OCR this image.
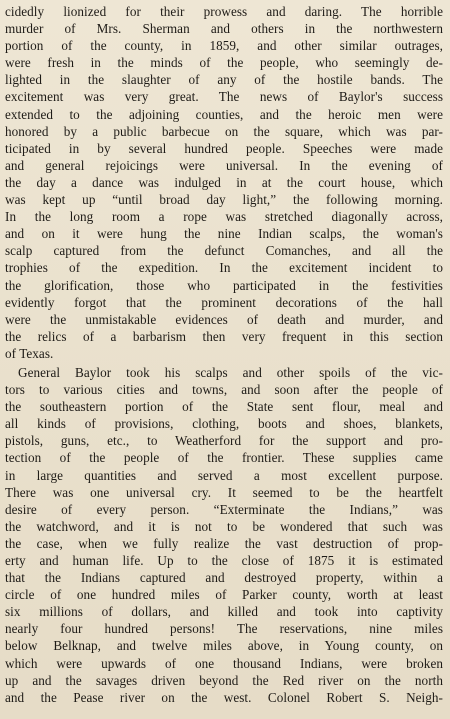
cidedly lionized for their prowess and daring. The horrible
murder of Mrs. Sherman and others in the northwestern
portion of the county, in 1859, and other similar outrages,
were fresh in the minds of the people, who seemingly de-
lighted in the slaughter of any of the hostile bands. The
excitement was very great. The news of Baylor's success
extended to the adjoining counties, and the heroic men were
honored by a public barbecue on the square, which was par-
ticipated in by several hundred people. Speeches were made
and general rejoicings were universal. In the evening of
the day a dance was indulged in at the court house, which
was kept up “until broad day light,” the following morning.
In the long room a rope was stretched diagonally across,
and on it were hung the nine Indian scalps, the woman's
scalp captured from the defunct Comanches, and all the
trophies of the expedition. In the excitement incident to
the glorification, those who participated in the festivities
evidently forgot that the prominent decorations of the hall
were the unmistakable evidences of death and murder, and
the relics of a barbarism then very frequent in this section
of Texas.
General Baylor took his scalps and other spoils of the vic-
tors to various cities and towns, and soon after the people of
the southeastern portion of the State sent flour, meal and
all kinds of provisions, clothing, boots and shoes, blankets,
pistols, guns, etc., to Weatherford for the support and pro-
tection of the people of the frontier. These supplies came
in large quantities and served a most excellent purpose.
There was one universal cry. It seemed to be the heartfelt
desire of every person. “Exterminate the Indians,” was
the watchword, and it is not to be wondered that such was
the case, when we fully realize the vast destruction of prop-
erty and human life. Up to the close of 1875 it is estimated
that the Indians captured and destroyed property, within a
circle of one hundred miles of Parker county, worth at least
six millions of dollars, and killed and took into captivity
nearly four hundred persons! The reservations, nine miles
below Belknap, and twelve miles above, in Young county, on
which were upwards of one thousand Indians, were broken
up and the savages driven beyond the Red river on the north
and the Pease river on the west. Colonel Robert S. Neigh-
